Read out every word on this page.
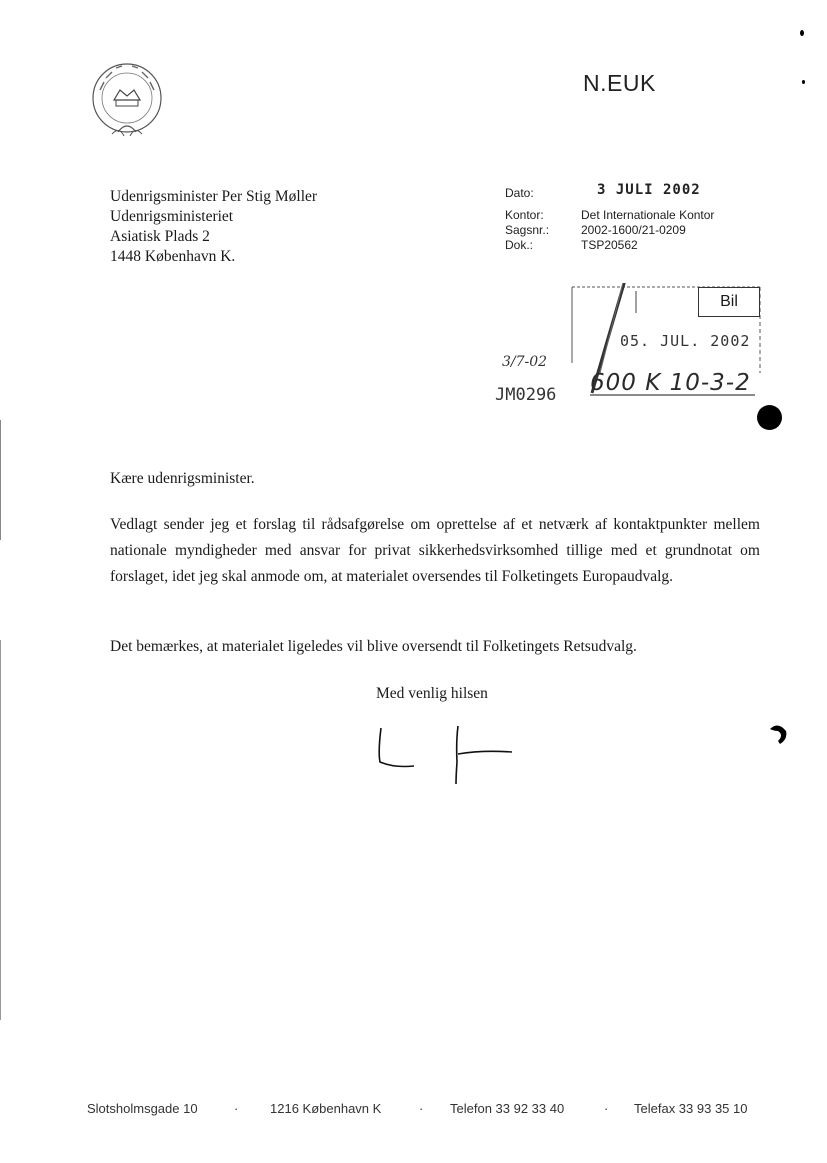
N.EUK
Udenrigsminister Per Stig Møller
Udenrigsministeriet
Asiatisk Plads 2
1448 København K.
Dato:	3 JULI 2002
Kontor:	Det Internationale Kontor
Sagsnr.:	2002-1600/21-0209
Dok.:	TSP20562
Bil
05. JUL. 2002
3/7-02
JM0296 600 K 10-3-2
Kære udenrigsminister.
Vedlagt sender jeg et forslag til rådsafgørelse om oprettelse af et netværk af kontaktpunkter mellem nationale myndigheder med ansvar for privat sikkerhedsvirksomhed tillige med et grundnotat om forslaget, idet jeg skal anmode om, at materialet oversendes til Folketingets Europaudvalg.
Det bemærkes, at materialet ligeledes vil blive oversendt til Folketingets Retsudvalg.
Med venlig hilsen
Slotsholmsgade 10	· 1216 København K	· Telefon 33 92 33 40	· Telefax 33 93 35 10
